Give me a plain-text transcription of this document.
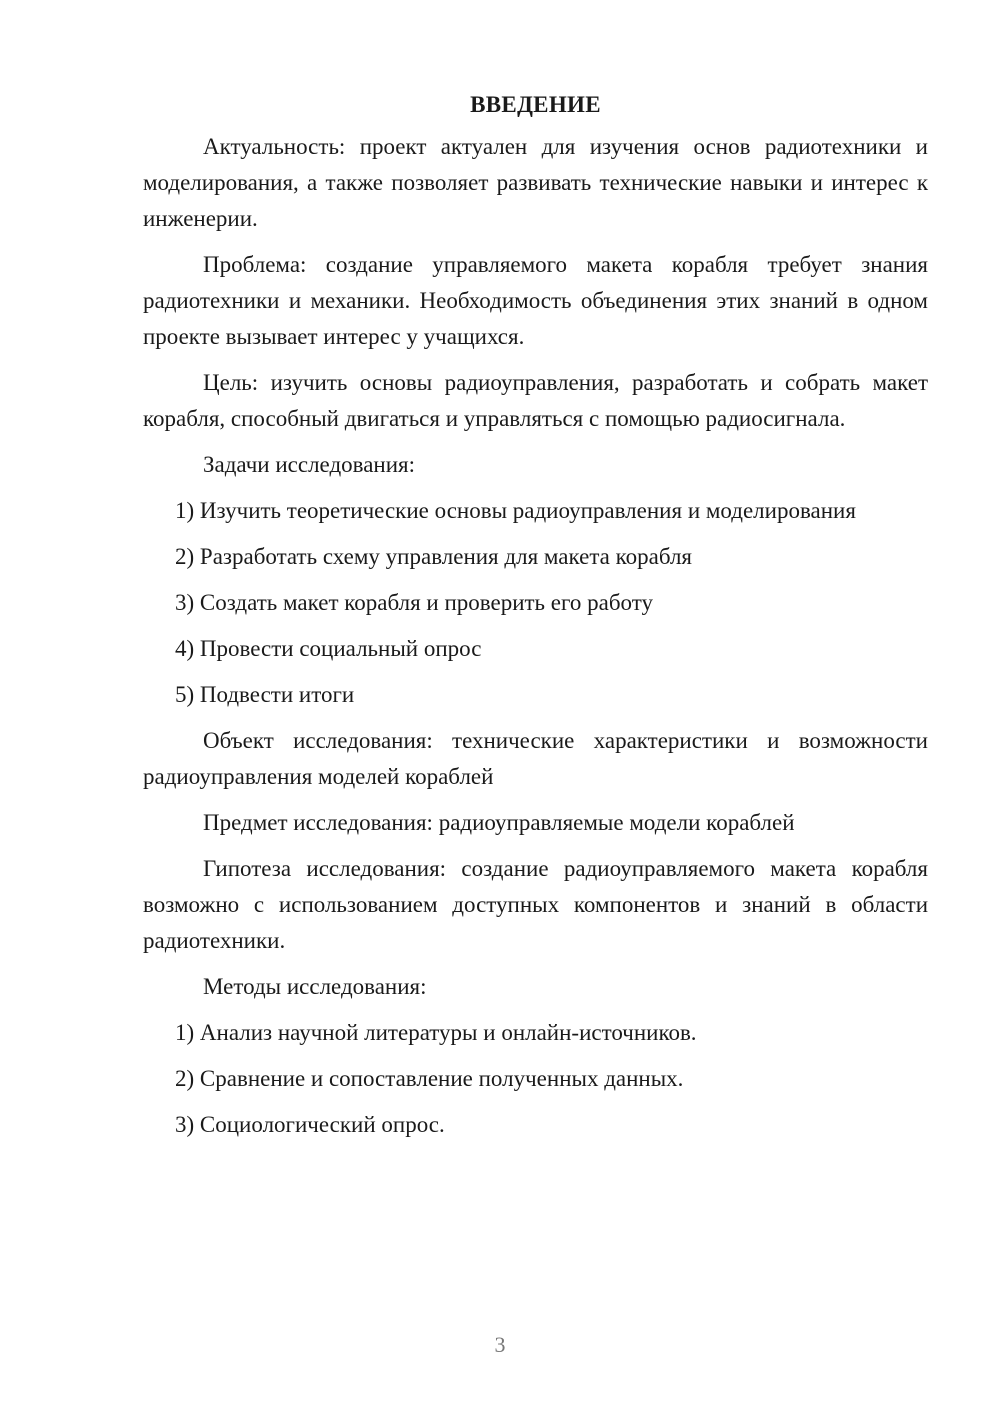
ВВЕДЕНИЕ

Актуальность: проект актуален для изучения основ радиотехники и моделирования, а также позволяет развивать технические навыки и интерес к инженерии.

Проблема: создание управляемого макета корабля требует знания радиотехники и механики. Необходимость объединения этих знаний в одном проекте вызывает интерес у учащихся.

Цель: изучить основы радиоуправления, разработать и собрать макет корабля, способный двигаться и управляться с помощью радиосигнала.

Задачи исследования:

1) Изучить теоретические основы радиоуправления и моделирования

2) Разработать схему управления для макета корабля

3) Создать макет корабля и проверить его работу

4) Провести социальный опрос

5) Подвести итоги

Объект исследования: технические характеристики и возможности радиоуправления моделей кораблей

Предмет исследования: радиоуправляемые модели кораблей

Гипотеза исследования: создание радиоуправляемого макета корабля возможно с использованием доступных компонентов и знаний в области радиотехники.

Методы исследования:

1) Анализ научной литературы и онлайн-источников.

2) Сравнение и сопоставление полученных данных.

3) Социологический опрос.

3
